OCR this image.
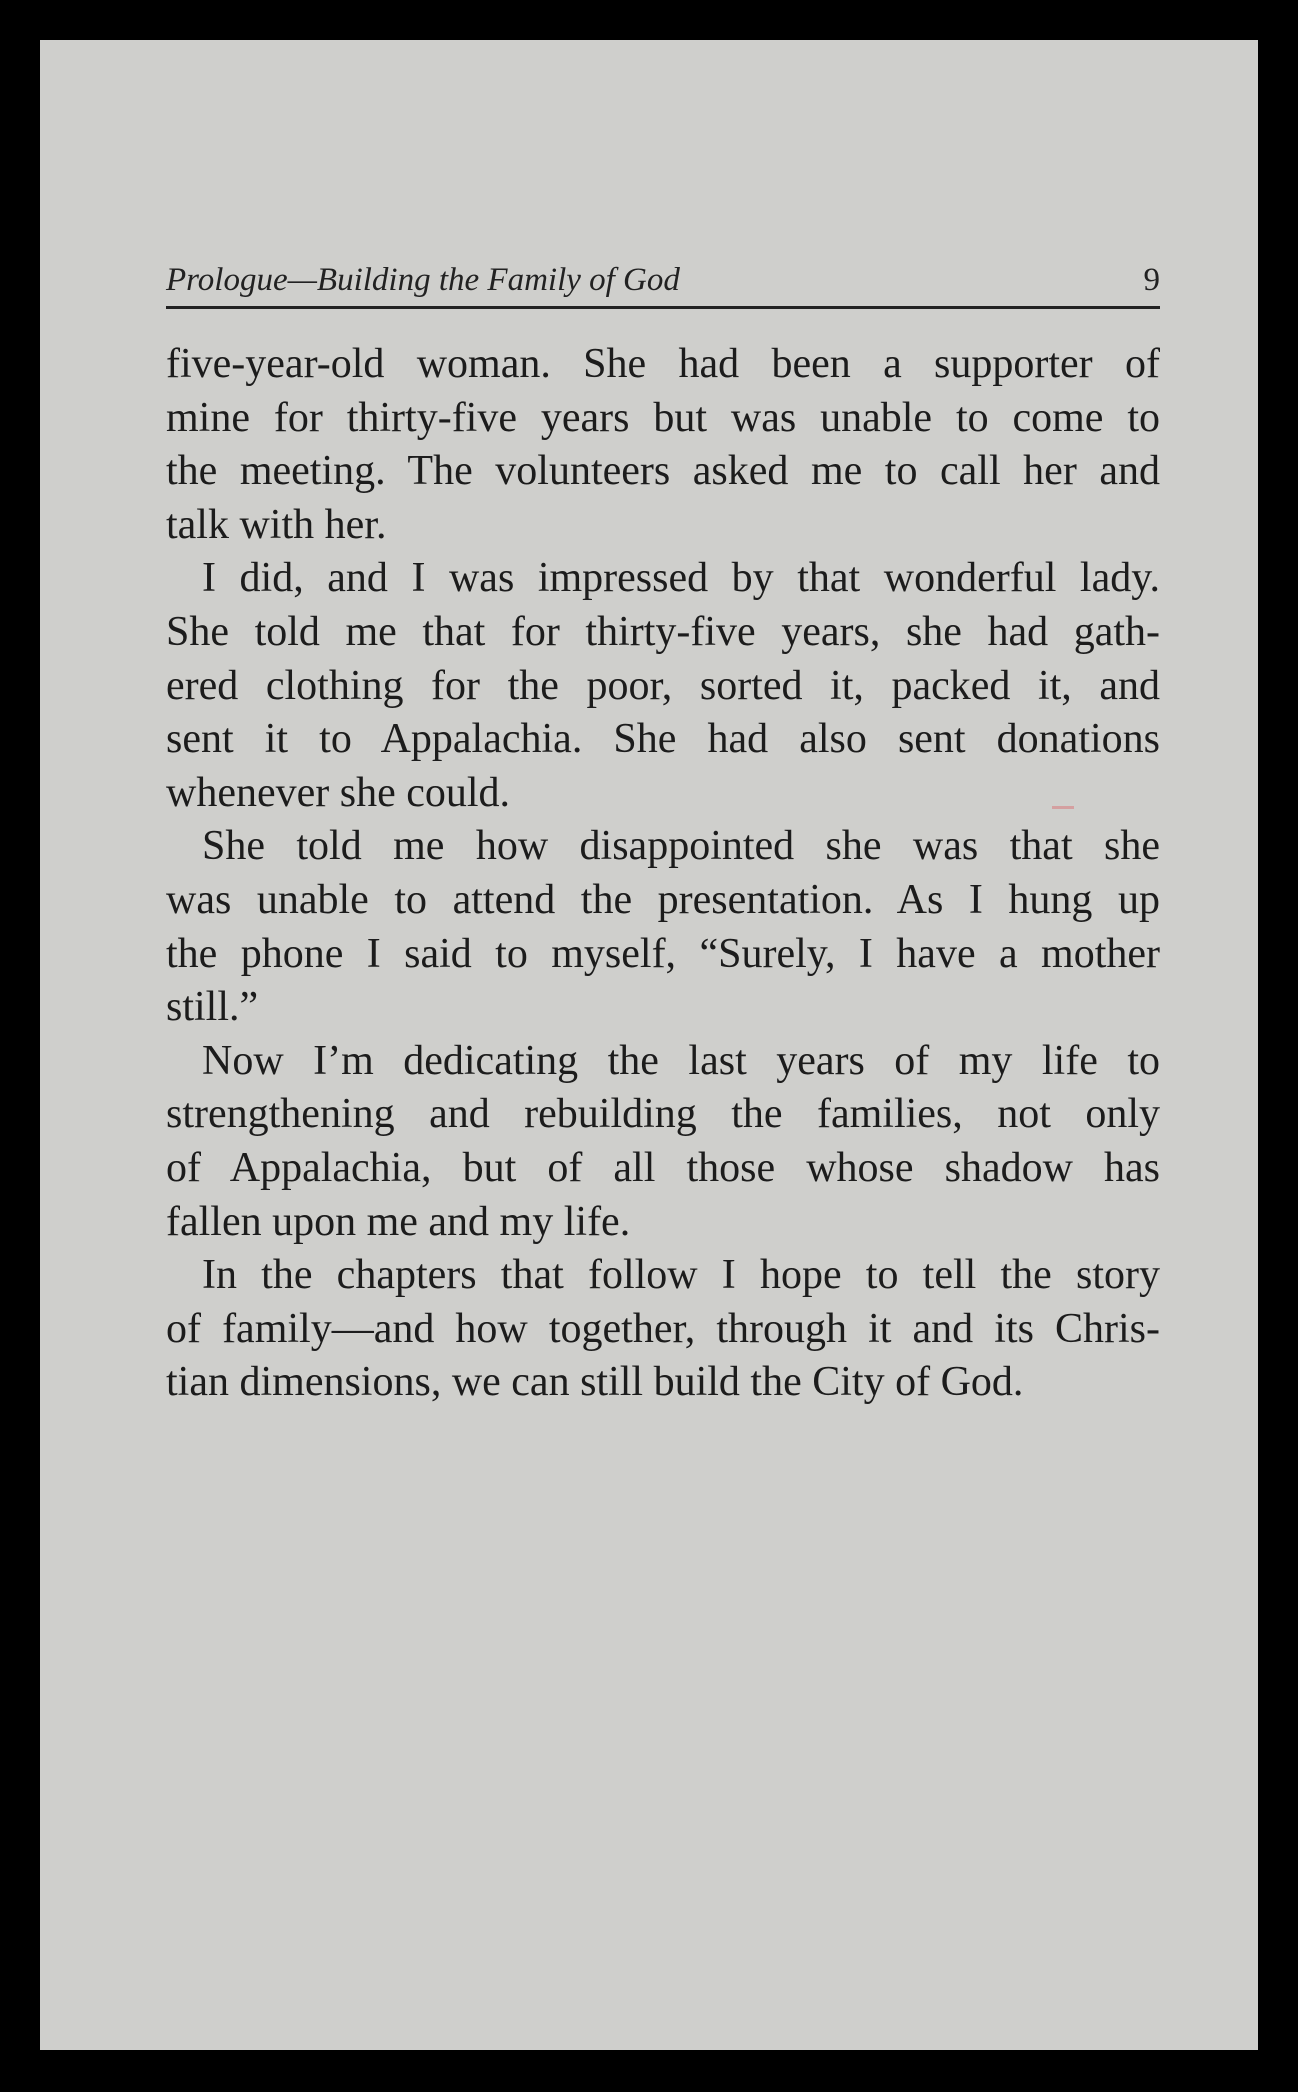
Prologue—Building the Family of God	9
five-year-old woman. She had been a supporter of
mine for thirty-five years but was unable to come to
the meeting. The volunteers asked me to call her and
talk with her.
I did, and I was impressed by that wonderful lady.
She told me that for thirty-five years, she had gath-
ered clothing for the poor, sorted it, packed it, and
sent it to Appalachia. She had also sent donations
whenever she could.
She told me how disappointed she was that she
was unable to attend the presentation. As I hung up
the phone I said to myself, “Surely, I have a mother
still.”
Now I’m dedicating the last years of my life to
strengthening and rebuilding the families, not only
of Appalachia, but of all those whose shadow has
fallen upon me and my life.
In the chapters that follow I hope to tell the story
of family—and how together, through it and its Chris-
tian dimensions, we can still build the City of God.
